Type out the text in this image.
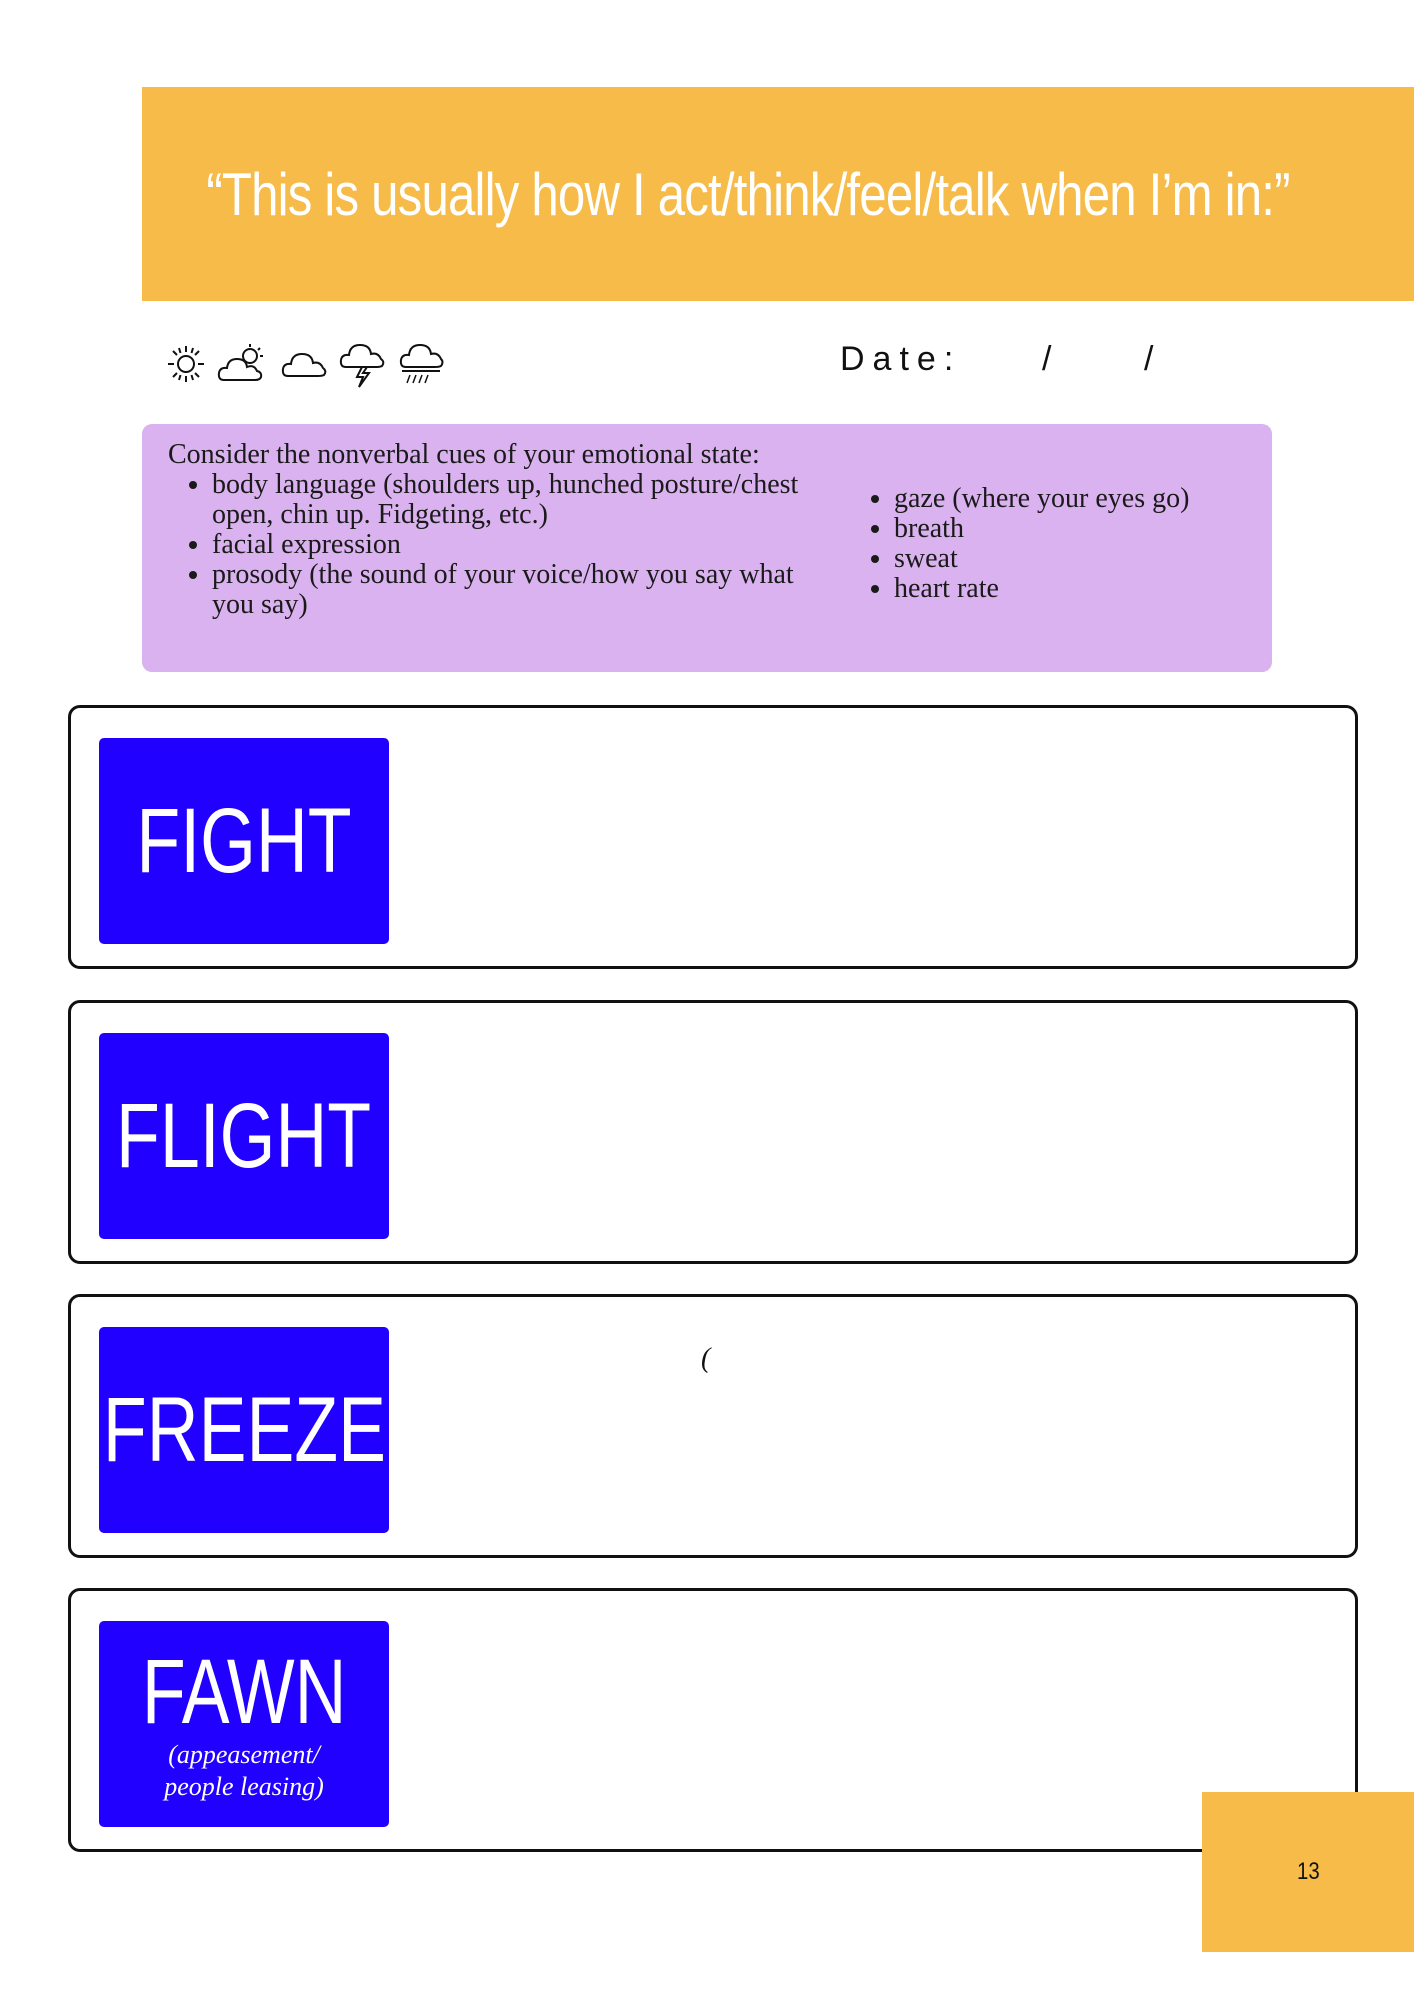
“This is usually how I act/think/feel/talk when I’m in:”
Date: /	/
Consider the nonverbal cues of your emotional state:
• body language (shoulders up, hunched posture/chest open, chin up. Fidgeting, etc.)
• facial expression
• prosody (the sound of your voice/how you say what you say)
• gaze (where your eyes go)
• breath
• sweat
• heart rate
FIGHT
FLIGHT
FREEZE
(
FAWN
(appeasement/
people leasing)
13
